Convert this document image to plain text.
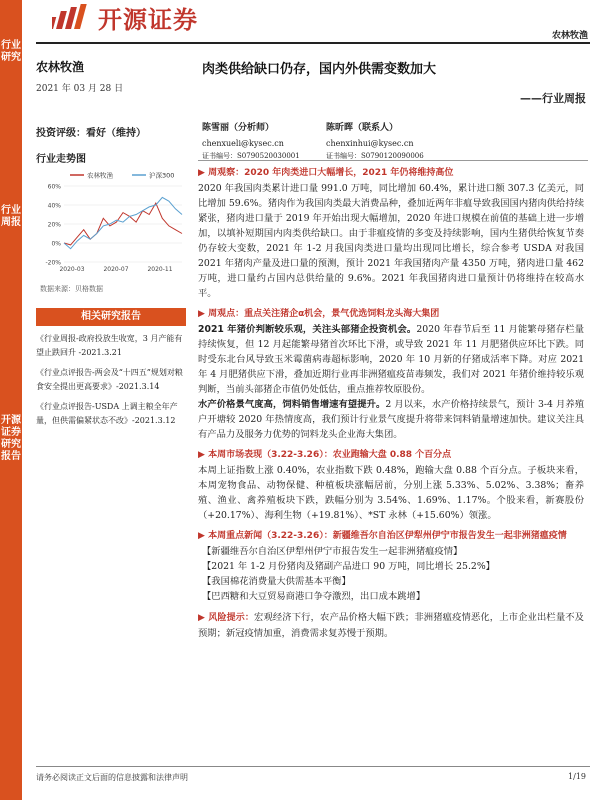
行业研究
行业周报
开源证券研究报告
开源证券
农林牧渔
农林牧渔
2021 年 03 月 28 日
投资评级：看好（维持）
行业走势图
60%
40%
20%
0%
-20%
2020-03	2020-07	2020-11
农林牧渔	沪深300
数据来源：贝格数据
相关研究报告
《行业周报-政府投放生收宽，3 月产能有望止跌回升 -2021.3.21
《行业点评报告-两会及“十四五”规划对粮食安全提出更高要求》-2021.3.14
《行业点评报告-USDA 上调主粮全年产量，但供需偏紧状态不改》-2021.3.12
肉类供给缺口仍存，国内外供需变数加大
——行业周报
陈雪丽（分析师）
chenxueli@kysec.cn
证书编号：S0790520030001
陈昕晖（联系人）
chenxinhui@kysec.cn
证书编号：S0790120090006
▶ 周观察：2020 年肉类进口大幅增长，2021 年仍将维持高位
2020 年我国肉类累计进口量 991.0 万吨，同比增加 60.4%，累计进口额 307.3 亿美元，同比增加 59.6%。猪肉作为我国肉类最大消费品种，叠加近两年非瘟导致我国国内猪肉供给持续紧张，猪肉进口量于 2019 年开始出现大幅增加，2020 年进口规模在前值的基础上进一步增加，以填补短期国内肉类供给缺口。由于非瘟疫情的多变及持续影响，国内生猪供给恢复节奏仍存较大变数，2021 年 1-2 月我国肉类进口量均出现同比增长，综合参考 USDA 对我国 2021 年猪肉产量及进口量的预测，预计 2021 年我国猪肉产量 4350 万吨，猪肉进口量 462 万吨，进口量约占国内总供给量的 9.6%。2021 年我国猪肉进口量预计仍将维持在较高水平。
▶ 周观点：重点关注猪企α机会，景气优选饲料龙头海大集团
2021 年猪价判断较乐观，关注头部猪企投资机会。2020 年春节后至 11 月能繁母猪存栏量持续恢复，但 12 月起能繁母猪首次环比下滑，或导致 2021 年 11 月肥猪供应环比下跌。同时受东北台风导致玉米霉菌病毒超标影响，2020 年 10 月新的仔猪成活率下降。对应 2021 年 4 月肥猪供应下滑，叠加近期行业再非洲猪瘟疫苗毒频发，我们对 2021 年猪价维持较乐观判断，当前头部猪企市值仍处低估，重点推荐牧原股份。
水产价格景气度高，饲料销售增速有望提升。2 月以来，水产价格持续景气，预计 3-4 月养殖户开塘较 2020 年热情度高，我们预计行业景气度提升将带来饲料销量增速加快。建议关注具有产品力及服务力优势的饲料龙头企业海大集团。
▶ 本周市场表现（3.22-3.26）：农业跑输大盘 0.88 个百分点
本周上证指数上涨 0.40%，农业指数下跌 0.48%，跑输大盘 0.88 个百分点。子板块来看，本周宠物食品、动物保健、种植板块涨幅居前，分别上涨 5.33%、5.02%、3.38%；畜养殖、渔业、禽养殖板块下跌，跌幅分别为 3.54%、1.69%、1.17%。个股来看，新赛股份（+20.17%）、海利生物（+19.81%）、*ST 永林（+15.60%）领涨。
▶ 本周重点新闻（3.22-3.26）：新疆维吾尔自治区伊犁州伊宁市报告发生一起非洲猪瘟疫情
【新疆维吾尔自治区伊犁州伊宁市报告发生一起非洲猪瘟疫情】
【2021 年 1-2 月份猪肉及猪副产品进口 90 万吨，同比增长 25.2%】
【我国棉花消费量大供需基本平衡】
【巴西糖和大豆贸易商港口争夺激烈，出口成本跳增】
▶ 风险提示：宏观经济下行，农产品价格大幅下跌；非洲猪瘟疫情恶化，上市企业出栏量不及预期；新冠疫情加重，消费需求复苏慢于预期。
请务必阅读正文后面的信息披露和法律声明	1/19
